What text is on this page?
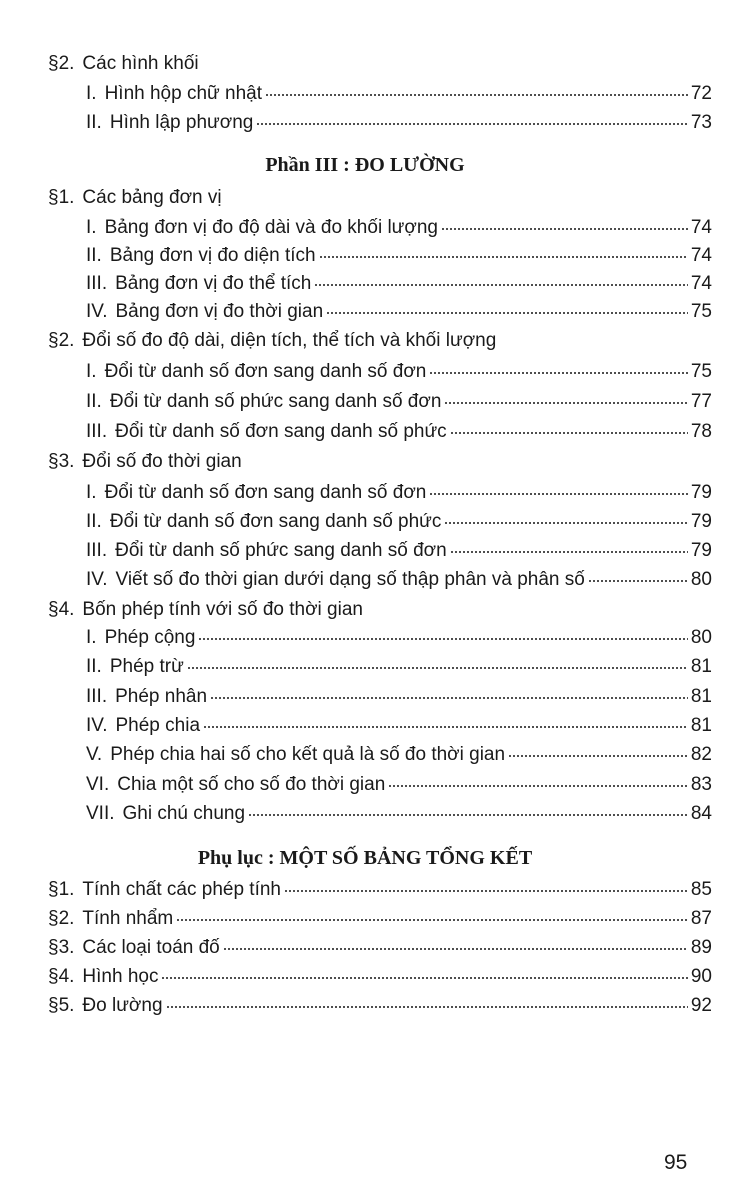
§2. Các hình khối
I. Hình hộp chữ nhật	72
II. Hình lập phương	73
Phần III : ĐO LƯỜNG
§1. Các bảng đơn vị
I. Bảng đơn vị đo độ dài và đo khối lượng	74
II. Bảng đơn vị đo diện tích	74
III. Bảng đơn vị đo thể tích	74
IV. Bảng đơn vị đo thời gian	75
§2. Đổi số đo độ dài, diện tích, thể tích và khối lượng
I. Đổi từ danh số đơn sang danh số đơn	75
II. Đổi từ danh số phức sang danh số đơn	77
III. Đổi từ danh số đơn sang danh số phức	78
§3. Đổi số đo thời gian
I. Đổi từ danh số đơn sang danh số đơn	79
II. Đổi từ danh số đơn sang danh số phức	79
III. Đổi từ danh số phức sang danh số đơn	79
IV. Viết số đo thời gian dưới dạng số thập phân và phân số	80
§4. Bốn phép tính với số đo thời gian
I. Phép cộng	80
II. Phép trừ	81
III. Phép nhân	81
IV. Phép chia	81
V. Phép chia hai số cho kết quả là số đo thời gian	82
VI. Chia một số cho số đo thời gian	83
VII. Ghi chú chung	84
Phụ lục : MỘT SỐ BẢNG TỔNG KẾT
§1. Tính chất các phép tính	85
§2. Tính nhẩm	87
§3. Các loại toán đố	89
§4. Hình học	90
§5. Đo lường	92
95
